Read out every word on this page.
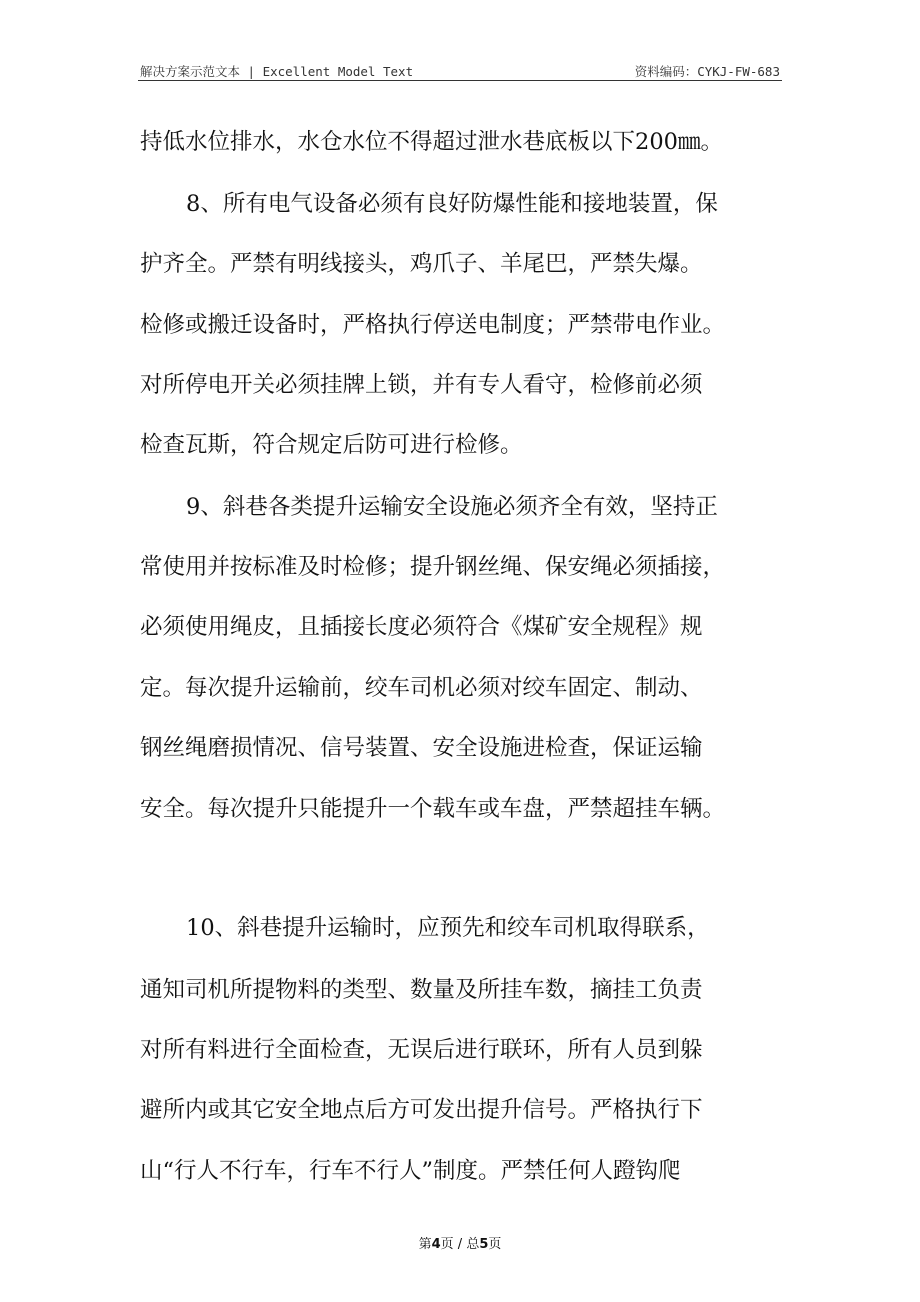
解决方案示范文本 | Excellent Model Text	资料编码：CYKJ-FW-683
持低水位排水，水仓水位不得超过泄水巷底板以下200㎜。
8、所有电气设备必须有良好防爆性能和接地装置，保
护齐全。严禁有明线接头，鸡爪子、羊尾巴，严禁失爆。
检修或搬迁设备时，严格执行停送电制度；严禁带电作业。
对所停电开关必须挂牌上锁，并有专人看守，检修前必须
检查瓦斯，符合规定后防可进行检修。
9、斜巷各类提升运输安全设施必须齐全有效，坚持正
常使用并按标准及时检修；提升钢丝绳、保安绳必须插接，
必须使用绳皮，且插接长度必须符合《煤矿安全规程》规
定。每次提升运输前，绞车司机必须对绞车固定、制动、
钢丝绳磨损情况、信号装置、安全设施进检查，保证运输
安全。每次提升只能提升一个载车或车盘，严禁超挂车辆。
10、斜巷提升运输时，应预先和绞车司机取得联系，
通知司机所提物料的类型、数量及所挂车数，摘挂工负责
对所有料进行全面检查，无误后进行联环，所有人员到躲
避所内或其它安全地点后方可发出提升信号。严格执行下
山“行人不行车，行车不行人”制度。严禁任何人蹬钩爬
第4页 / 总5页
